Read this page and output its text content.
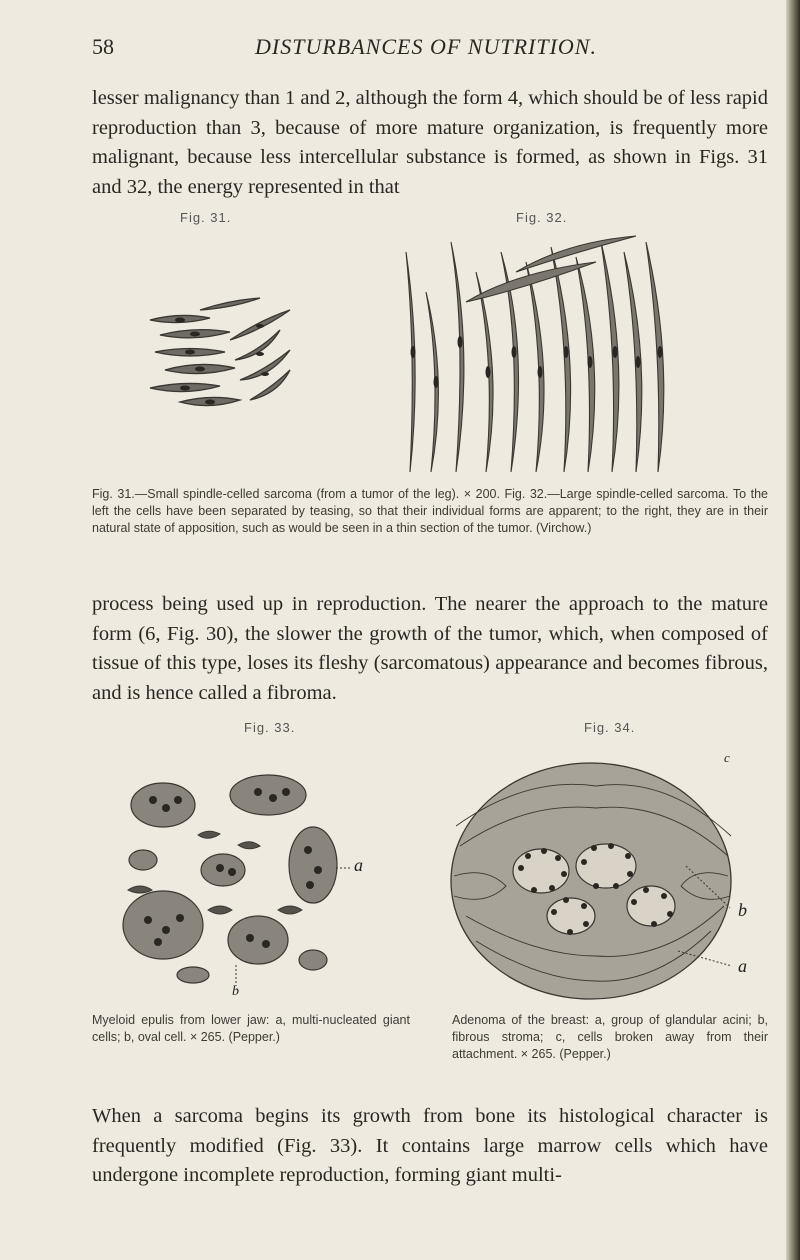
58	DISTURBANCES OF NUTRITION.

lesser malignancy than 1 and 2, although the form 4, which should be of less rapid reproduction than 3, because of more mature organization, is frequently more malignant, because less intercellular substance is formed, as shown in Figs. 31 and 32, the energy represented in that

Fig. 31.	Fig. 32.

Fig. 31.—Small spindle-celled sarcoma (from a tumor of the leg). × 200. Fig. 32.—Large spindle-celled sarcoma. To the left the cells have been separated by teasing, so that their individual forms are apparent; to the right, they are in their natural state of apposition, such as would be seen in a thin section of the tumor. (Virchow.)

process being used up in reproduction. The nearer the approach to the mature form (6, Fig. 30), the slower the growth of the tumor, which, when composed of tissue of this type, loses its fleshy (sarcomatous) appearance and becomes fibrous, and is hence called a fibroma.

Fig. 33.	Fig. 34.
a
b
c
b
a

Myeloid epulis from lower jaw: a, multi-nucleated giant cells; b, oval cell. × 265. (Pepper.)

Adenoma of the breast: a, group of glandular acini; b, fibrous stroma; c, cells broken away from their attachment. × 265. (Pepper.)

When a sarcoma begins its growth from bone its histological character is frequently modified (Fig. 33). It contains large marrow cells which have undergone incomplete reproduction, forming giant multi-
